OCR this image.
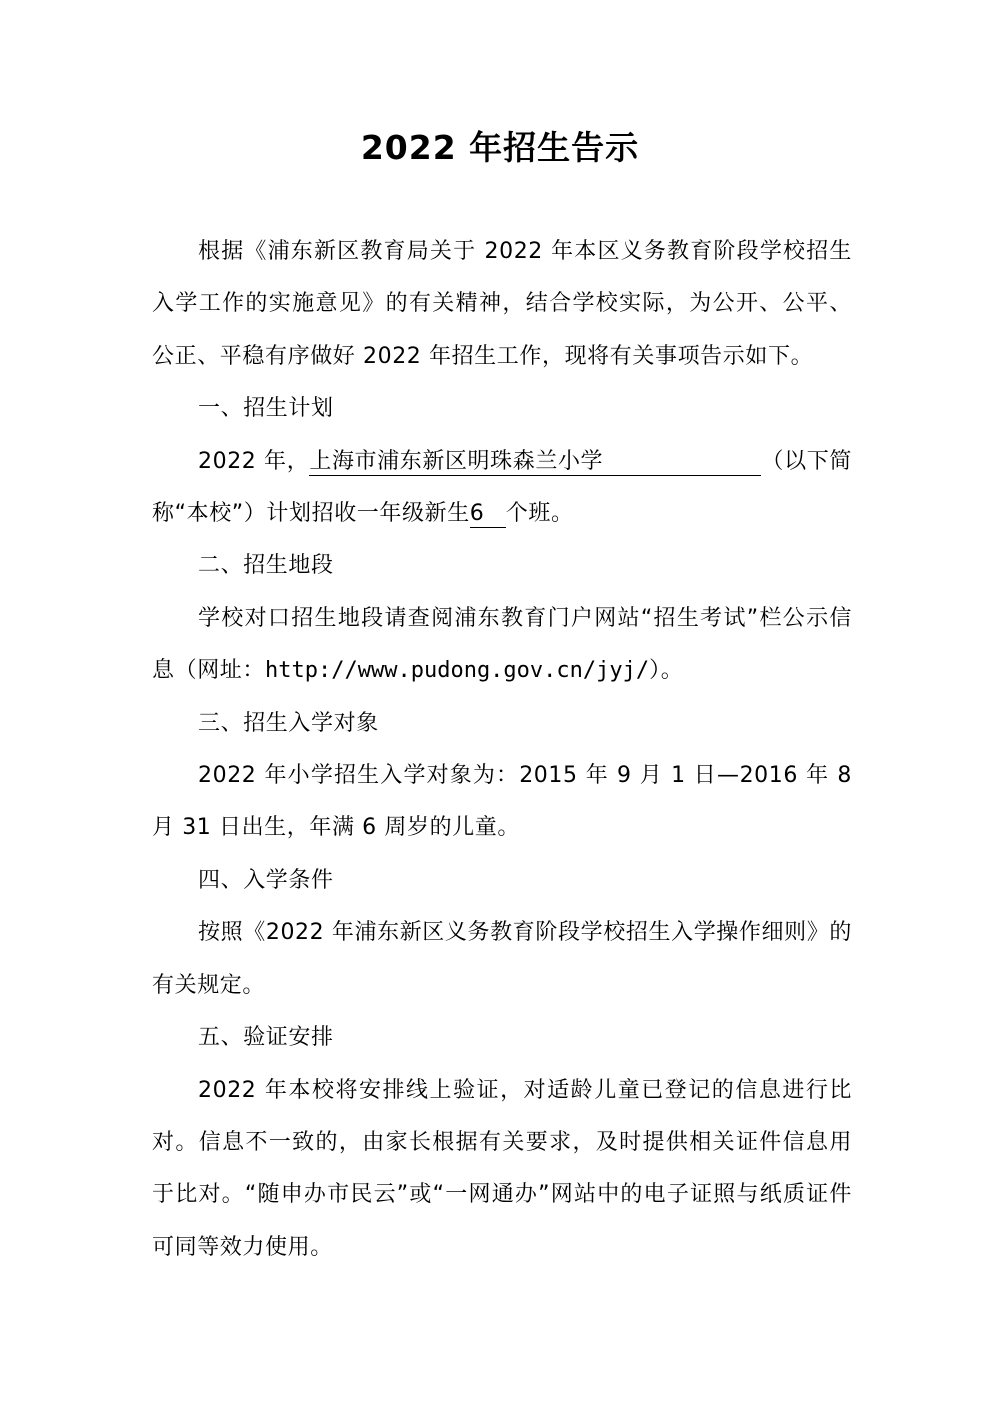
2022 年招生告示

根据《浦东新区教育局关于 2022 年本区义务教育阶段学校招生入学工作的实施意见》的有关精神，结合学校实际，为公开、公平、公正、平稳有序做好 2022 年招生工作，现将有关事项告示如下。

一、招生计划

2022 年，上海市浦东新区明珠森兰小学	（以下简称“本校”）计划招收一年级新生6 个班。

二、招生地段

学校对口招生地段请查阅浦东教育门户网站“招生考试”栏公示信息（网址：http://www.pudong.gov.cn/jyj/）。

三、招生入学对象

2022 年小学招生入学对象为：2015 年 9 月 1 日—2016 年 8 月 31 日出生，年满 6 周岁的儿童。

四、入学条件

按照《2022 年浦东新区义务教育阶段学校招生入学操作细则》的有关规定。

五、验证安排

2022 年本校将安排线上验证，对适龄儿童已登记的信息进行比对。信息不一致的，由家长根据有关要求，及时提供相关证件信息用于比对。“随申办市民云”或“一网通办”网站中的电子证照与纸质证件可同等效力使用。
